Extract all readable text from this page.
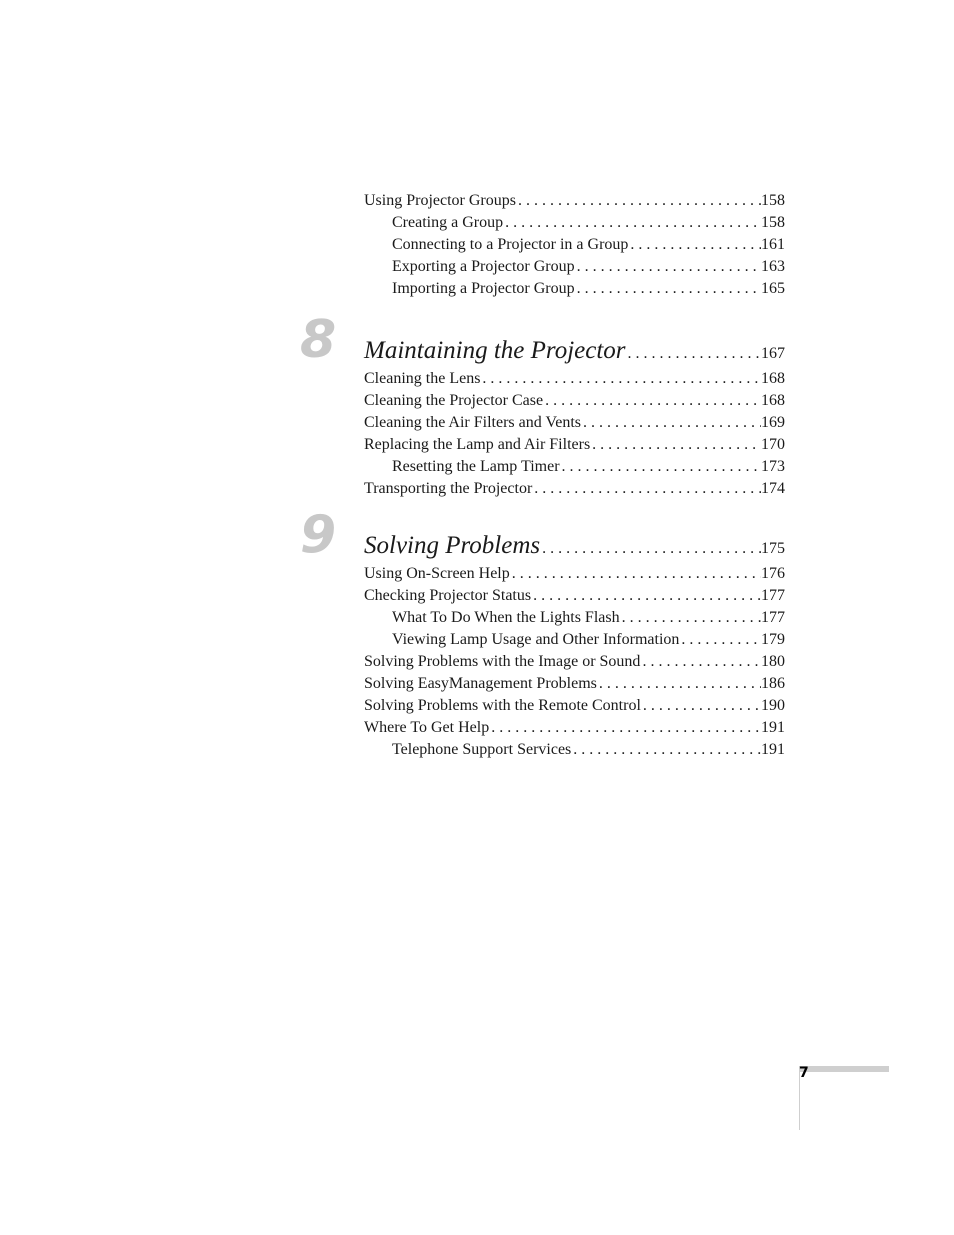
Using Projector Groups . . .	158
Creating a Group . . .	158
Connecting to a Projector in a Group . . .	161
Exporting a Projector Group . . .	163
Importing a Projector Group . . .	165
8	Maintaining the Projector . . .	167
Cleaning the Lens . . .	168
Cleaning the Projector Case . . .	168
Cleaning the Air Filters and Vents . . .	169
Replacing the Lamp and Air Filters . . .	170
Resetting the Lamp Timer . . .	173
Transporting the Projector . . .	174
9	Solving Problems . . .	175
Using On-Screen Help . . .	176
Checking Projector Status . . .	177
What To Do When the Lights Flash . . .	177
Viewing Lamp Usage and Other Information . . .	179
Solving Problems with the Image or Sound . . .	180
Solving EasyManagement Problems . . .	186
Solving Problems with the Remote Control . . .	190
Where To Get Help . . .	191
Telephone Support Services . . .	191
7
